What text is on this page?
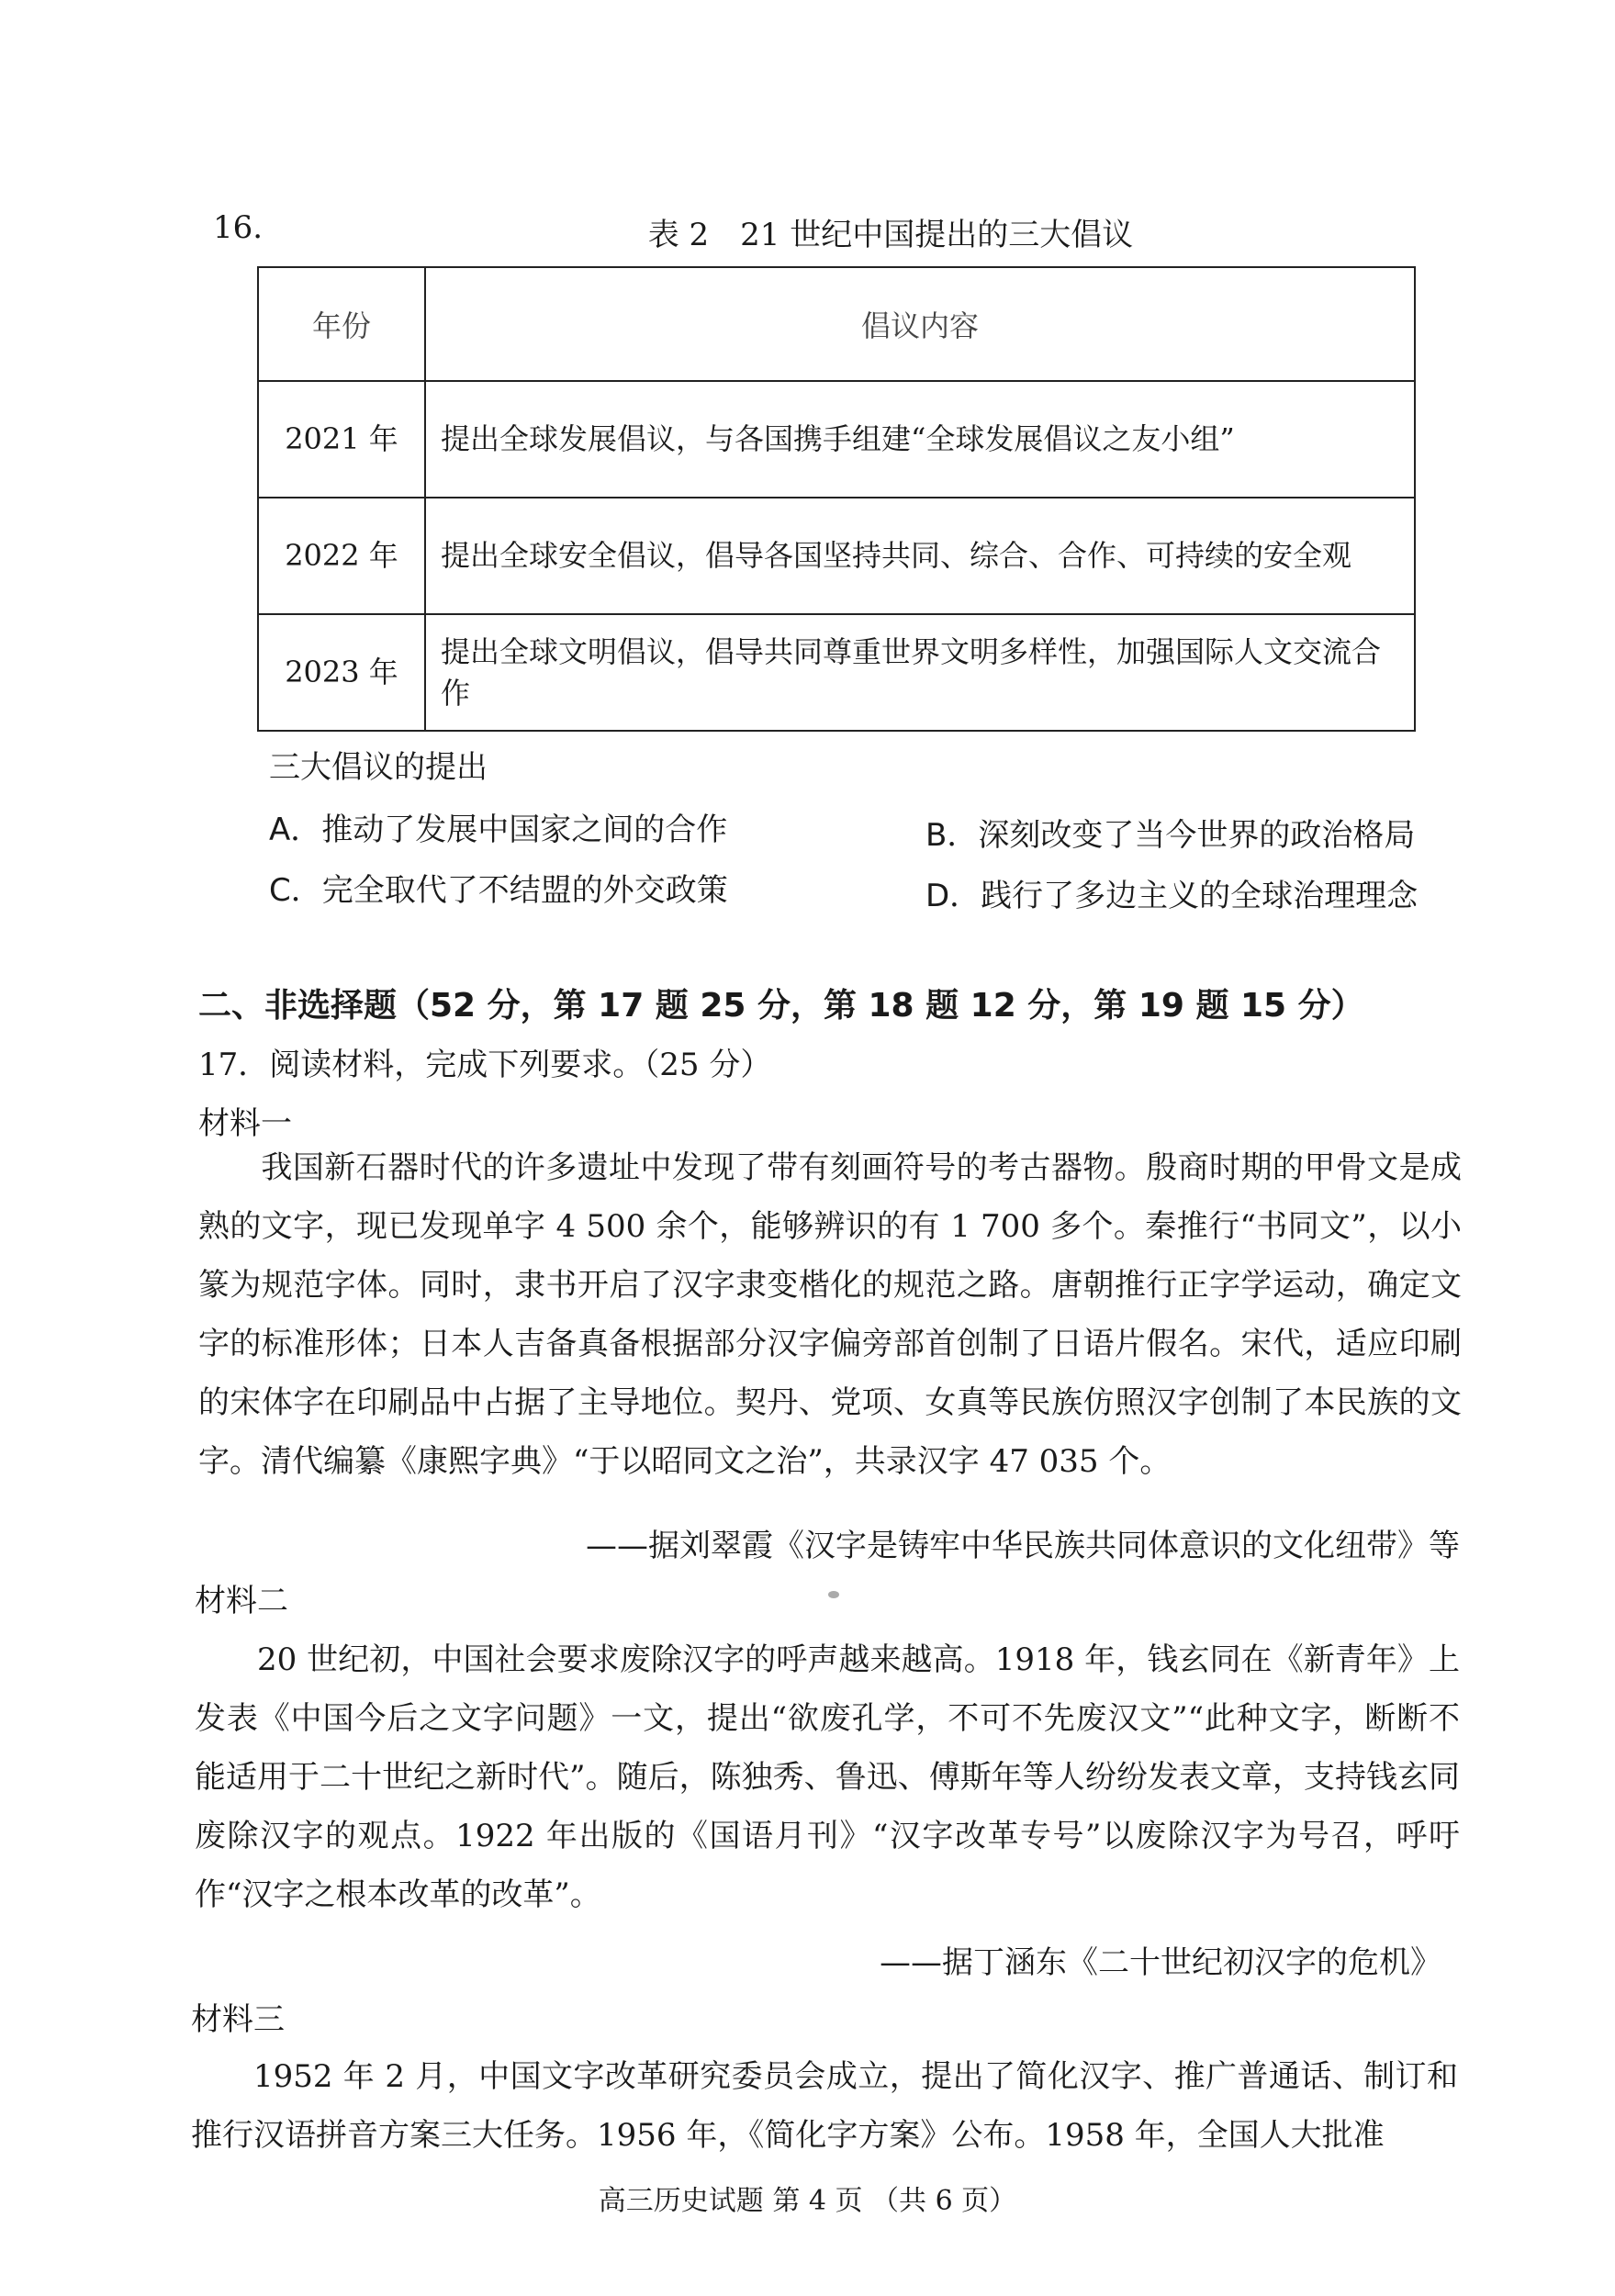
16.	表 2　21 世纪中国提出的三大倡议
年份	倡议内容
2021 年	提出全球发展倡议，与各国携手组建“全球发展倡议之友小组”
2022 年	提出全球安全倡议，倡导各国坚持共同、综合、合作、可持续的安全观
2023 年	提出全球文明倡议，倡导共同尊重世界文明多样性，加强国际人文交流合作
三大倡议的提出
A．推动了发展中国家之间的合作	B．深刻改变了当今世界的政治格局
C．完全取代了不结盟的外交政策	D．践行了多边主义的全球治理理念
二、非选择题（52 分，第 17 题 25 分，第 18 题 12 分，第 19 题 15 分）
17．阅读材料，完成下列要求。（25 分）
材料一
我国新石器时代的许多遗址中发现了带有刻画符号的考古器物。殷商时期的甲骨文是成熟的文字，现已发现单字 4 500 余个，能够辨识的有 1 700 多个。秦推行“书同文”，以小篆为规范字体。同时，隶书开启了汉字隶变楷化的规范之路。唐朝推行正字学运动，确定文字的标准形体；日本人吉备真备根据部分汉字偏旁部首创制了日语片假名。宋代，适应印刷的宋体字在印刷品中占据了主导地位。契丹、党项、女真等民族仿照汉字创制了本民族的文字。清代编纂《康熙字典》“于以昭同文之治”，共录汉字 47 035 个。
——据刘翠霞《汉字是铸牢中华民族共同体意识的文化纽带》等
材料二
20 世纪初，中国社会要求废除汉字的呼声越来越高。1918 年，钱玄同在《新青年》上发表《中国今后之文字问题》一文，提出“欲废孔学，不可不先废汉文”“此种文字，断断不能适用于二十世纪之新时代”。随后，陈独秀、鲁迅、傅斯年等人纷纷发表文章，支持钱玄同废除汉字的观点。1922 年出版的《国语月刊》“汉字改革专号”以废除汉字为号召，呼吁作“汉字之根本改革的改革”。
——据丁涵东《二十世纪初汉字的危机》
材料三
1952 年 2 月，中国文字改革研究委员会成立，提出了简化汉字、推广普通话、制订和推行汉语拼音方案三大任务。1956 年，《简化字方案》公布。1958 年，全国人大批准
高三历史试题 第 4 页 （共 6 页）
